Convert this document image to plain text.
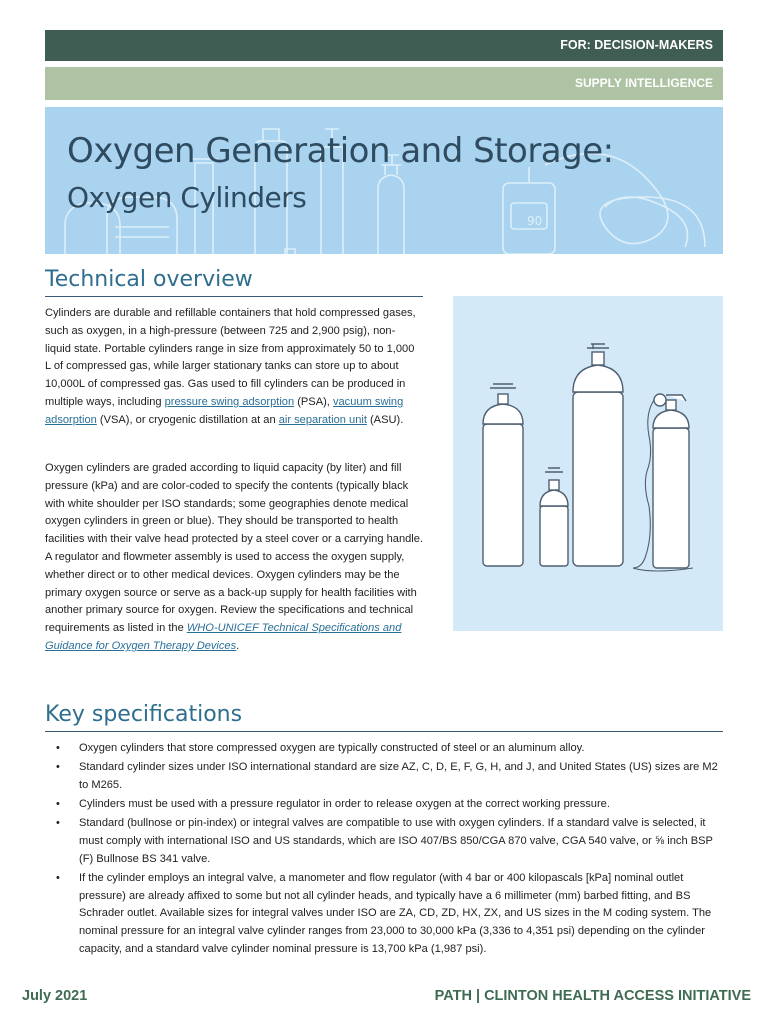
FOR: DECISION-MAKERS
SUPPLY INTELLIGENCE
90
Oxygen Generation and Storage:
Oxygen Cylinders
Technical overview

Cylinders are durable and refillable containers that hold compressed gases, such as oxygen, in a high-pressure (between 725 and 2,900 psig), non-liquid state. Portable cylinders range in size from approximately 50 to 1,000 L of compressed gas, while larger stationary tanks can store up to about 10,000L of compressed gas. Gas used to fill cylinders can be produced in multiple ways, including pressure swing adsorption (PSA), vacuum swing adsorption (VSA), or cryogenic distillation at an air separation unit (ASU).

Oxygen cylinders are graded according to liquid capacity (by liter) and fill pressure (kPa) and are color-coded to specify the contents (typically black with white shoulder per ISO standards; some geographies denote medical oxygen cylinders in green or blue). They should be transported to health facilities with their valve head protected by a steel cover or a carrying handle. A regulator and flowmeter assembly is used to access the oxygen supply, whether direct or to other medical devices. Oxygen cylinders may be the primary oxygen source or serve as a back-up supply for health facilities with another primary source for oxygen. Review the specifications and technical requirements as listed in the WHO-UNICEF Technical Specifications and Guidance for Oxygen Therapy Devices.

Key specifications
• Oxygen cylinders that store compressed oxygen are typically constructed of steel or an aluminum alloy.
• Standard cylinder sizes under ISO international standard are size AZ, C, D, E, F, G, H, and J, and United States (US) sizes are M2 to M265.
• Cylinders must be used with a pressure regulator in order to release oxygen at the correct working pressure.
• Standard (bullnose or pin-index) or integral valves are compatible to use with oxygen cylinders. If a standard valve is selected, it must comply with international ISO and US standards, which are ISO 407/BS 850/CGA 870 valve, CGA 540 valve, or ⅝ inch BSP (F) Bullnose BS 341 valve.
• If the cylinder employs an integral valve, a manometer and flow regulator (with 4 bar or 400 kilopascals [kPa] nominal outlet pressure) are already affixed to some but not all cylinder heads, and typically have a 6 millimeter (mm) barbed fitting, and BS Schrader outlet. Available sizes for integral valves under ISO are ZA, CD, ZD, HX, ZX, and US sizes in the M coding system. The nominal pressure for an integral valve cylinder ranges from 23,000 to 30,000 kPa (3,336 to 4,351 psi) depending on the cylinder capacity, and a standard valve cylinder nominal pressure is 13,700 kPa (1,987 psi).
July 2021	PATH | CLINTON HEALTH ACCESS INITIATIVE
